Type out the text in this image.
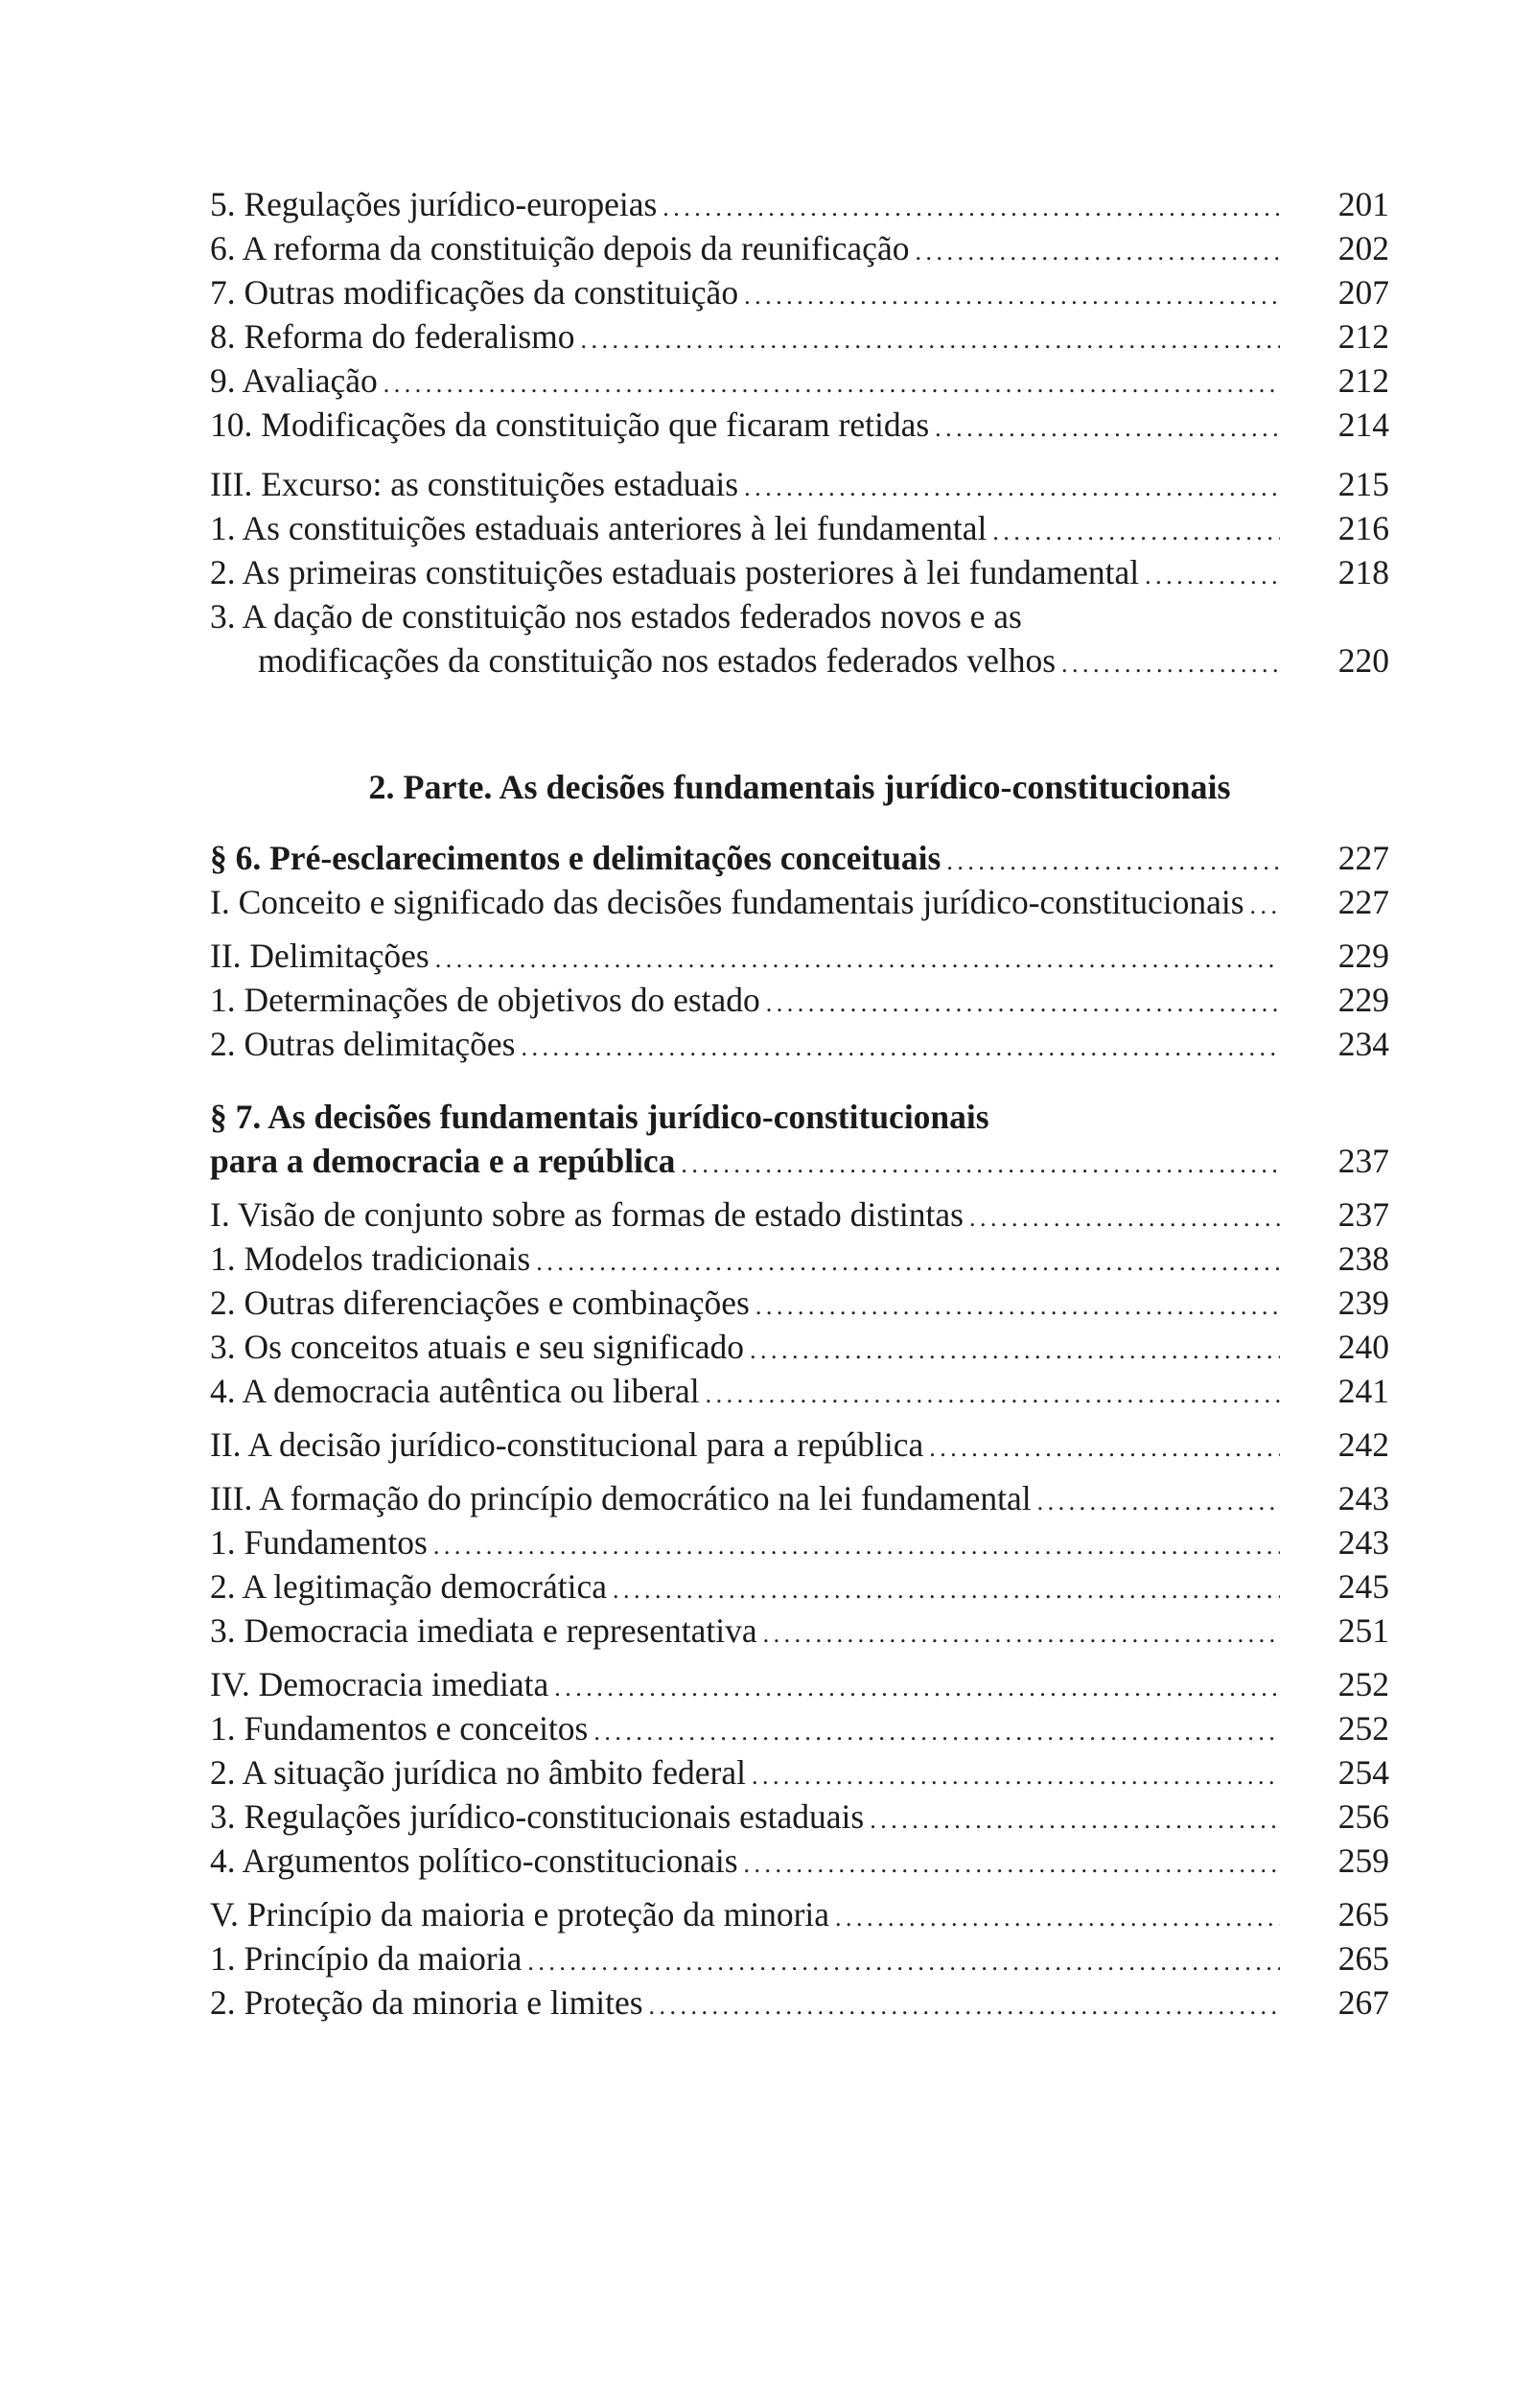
5. Regulações jurídico-europeias . . .	201
6. A reforma da constituição depois da reunificação . . .	202
7. Outras modificações da constituição . . .	207
8. Reforma do federalismo . . .	212
9. Avaliação . . .	212
10. Modificações da constituição que ficaram retidas . . .	214
III. Excurso: as constituições estaduais . . .	215
1. As constituições estaduais anteriores à lei fundamental . . .	216
2. As primeiras constituições estaduais posteriores à lei fundamental . . .	218
3. A dação de constituição nos estados federados novos e as
modificações da constituição nos estados federados velhos . . .	220
2. Parte. As decisões fundamentais jurídico-constitucionais
§ 6. Pré-esclarecimentos e delimitações conceituais . . .	227
I. Conceito e significado das decisões fundamentais jurídico-constitucionais . . .	227
II. Delimitações . . .	229
1. Determinações de objetivos do estado . . .	229
2. Outras delimitações . . .	234
§ 7. As decisões fundamentais jurídico-constitucionais
para a democracia e a república . . .	237
I. Visão de conjunto sobre as formas de estado distintas . . .	237
1. Modelos tradicionais . . .	238
2. Outras diferenciações e combinações . . .	239
3. Os conceitos atuais e seu significado . . .	240
4. A democracia autêntica ou liberal . . .	241
II. A decisão jurídico-constitucional para a república . . .	242
III. A formação do princípio democrático na lei fundamental . . .	243
1. Fundamentos . . .	243
2. A legitimação democrática . . .	245
3. Democracia imediata e representativa . . .	251
IV. Democracia imediata . . .	252
1. Fundamentos e conceitos . . .	252
2. A situação jurídica no âmbito federal . . .	254
3. Regulações jurídico-constitucionais estaduais . . .	256
4. Argumentos político-constitucionais . . .	259
V. Princípio da maioria e proteção da minoria . . .	265
1. Princípio da maioria . . .	265
2. Proteção da minoria e limites . . .	267
